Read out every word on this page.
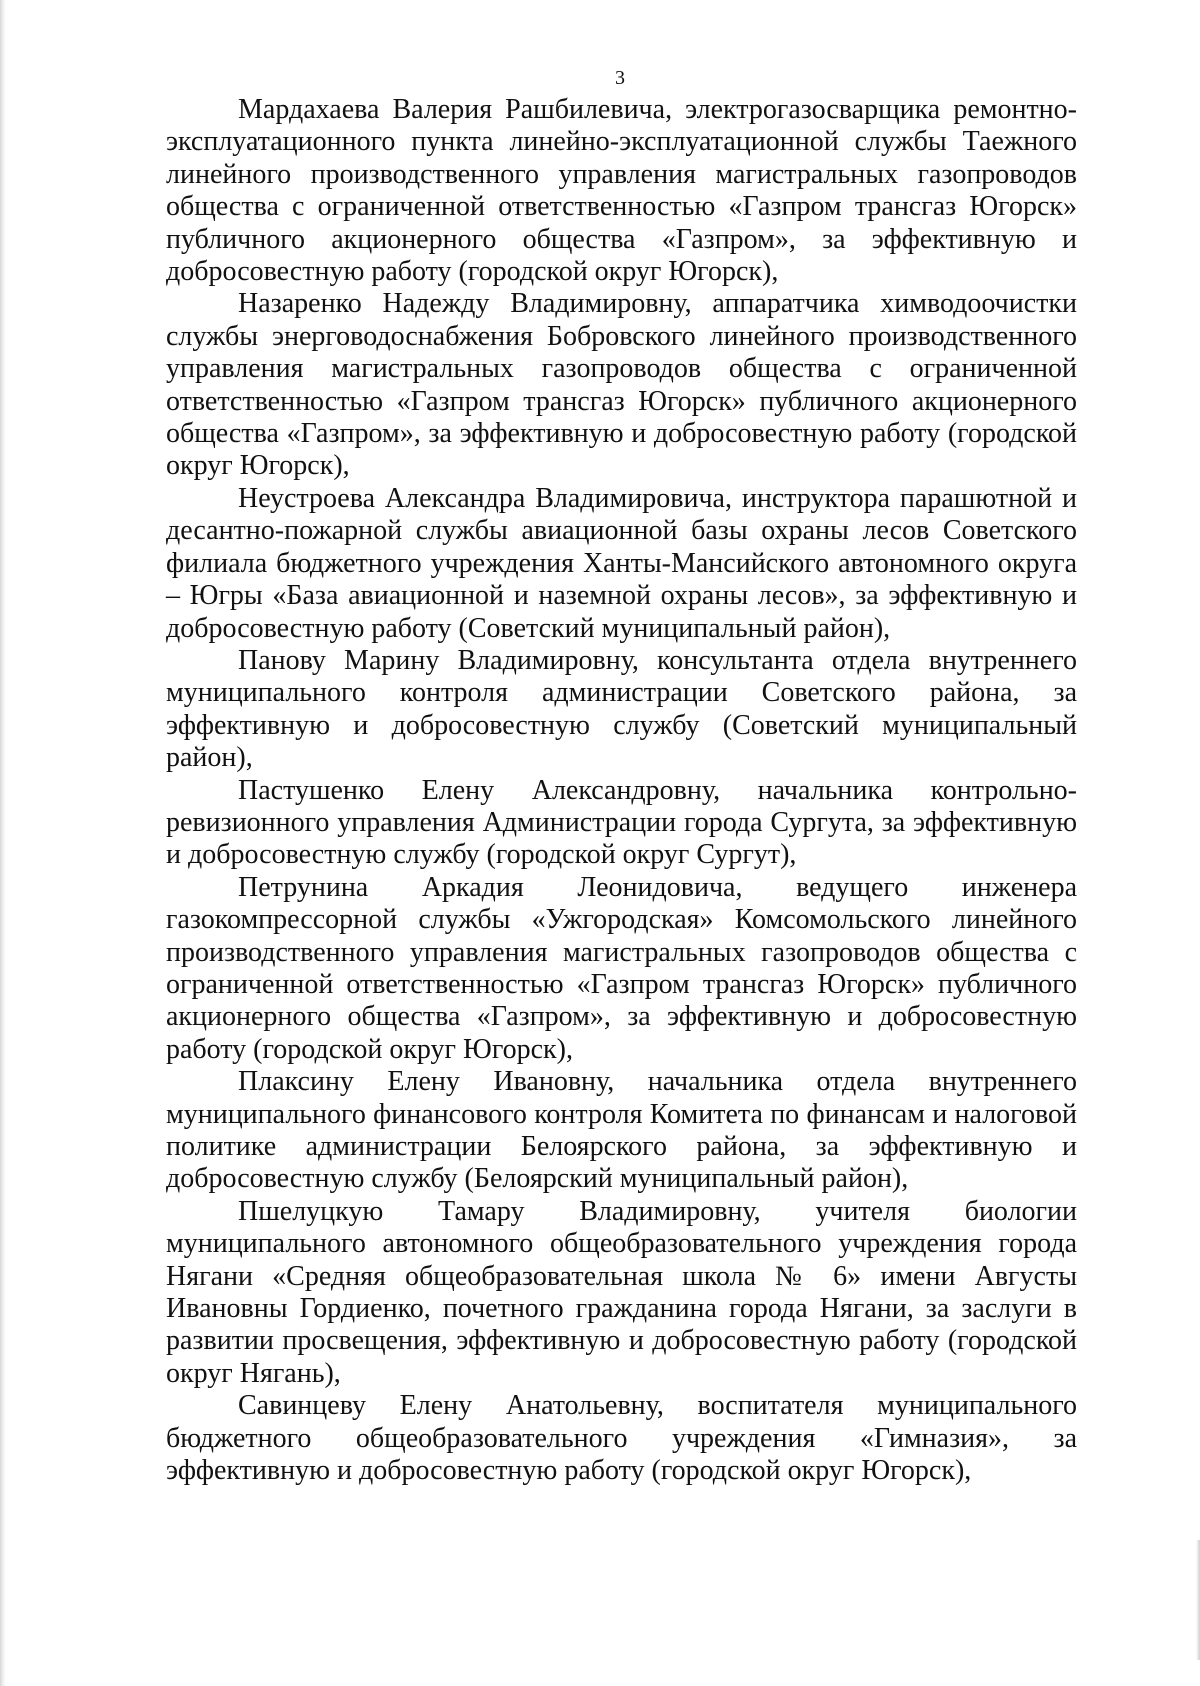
3

Мардахаева Валерия Рашбилевича, электрогазосварщика ремонтно-эксплуатационного пункта линейно-эксплуатационной службы Таежного линейного производственного управления магистральных газопроводов общества с ограниченной ответственностью «Газпром трансгаз Югорск» публичного акционерного общества «Газпром», за эффективную и добросовестную работу (городской округ Югорск),

Назаренко Надежду Владимировну, аппаратчика химводоочистки службы энерговодоснабжения Бобровского линейного производственного управления магистральных газопроводов общества с ограниченной ответственностью «Газпром трансгаз Югорск» публичного акционерного общества «Газпром», за эффективную и добросовестную работу (городской округ Югорск),

Неустроева Александра Владимировича, инструктора парашютной и десантно-пожарной службы авиационной базы охраны лесов Советского филиала бюджетного учреждения Ханты-Мансийского автономного округа – Югры «База авиационной и наземной охраны лесов», за эффективную и добросовестную работу (Советский муниципальный район),

Панову Марину Владимировну, консультанта отдела внутреннего муниципального контроля администрации Советского района, за эффективную и добросовестную службу (Советский муниципальный район),

Пастушенко Елену Александровну, начальника контрольно-ревизионного управления Администрации города Сургута, за эффективную и добросовестную службу (городской округ Сургут),

Петрунина Аркадия Леонидовича, ведущего инженера газокомпрессорной службы «Ужгородская» Комсомольского линейного производственного управления магистральных газопроводов общества с ограниченной ответственностью «Газпром трансгаз Югорск» публичного акционерного общества «Газпром», за эффективную и добросовестную работу (городской округ Югорск),

Плаксину Елену Ивановну, начальника отдела внутреннего муниципального финансового контроля Комитета по финансам и налоговой политике администрации Белоярского района, за эффективную и добросовестную службу (Белоярский муниципальный район),

Пшелуцкую Тамару Владимировну, учителя биологии муниципального автономного общеобразовательного учреждения города Нягани «Средняя общеобразовательная школа № 6» имени Августы Ивановны Гордиенко, почетного гражданина города Нягани, за заслуги в развитии просвещения, эффективную и добросовестную работу (городской округ Нягань),

Савинцеву Елену Анатольевну, воспитателя муниципального бюджетного общеобразовательного учреждения «Гимназия», за эффективную и добросовестную работу (городской округ Югорск),
